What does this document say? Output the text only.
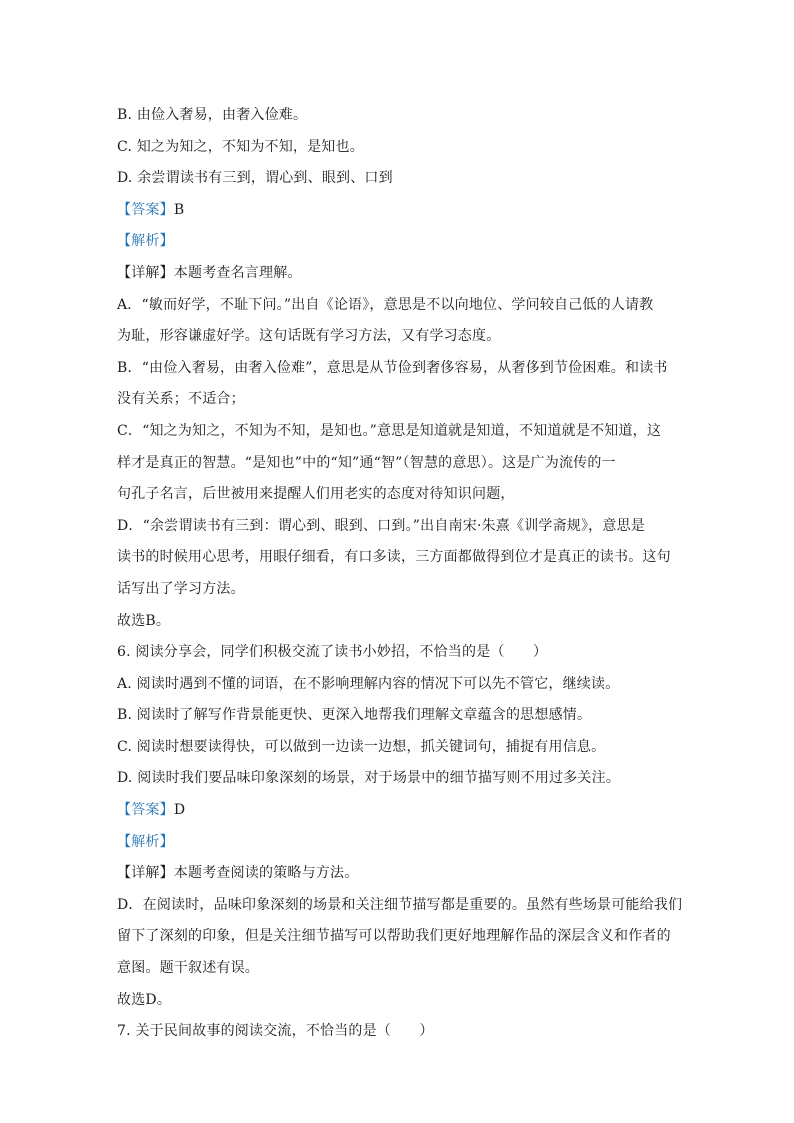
B. 由俭入奢易，由奢入俭难。
C. 知之为知之，不知为不知，是知也。
D. 余尝谓读书有三到，谓心到、眼到、口到
【答案】B
【解析】
【详解】本题考查名言理解。
A．“敏而好学，不耻下问。”出自《论语》，意思是不以向地位、学问较自己低的人请教
为耻，形容谦虚好学。这句话既有学习方法，又有学习态度。
B．“由俭入奢易，由奢入俭难”，意思是从节俭到奢侈容易，从奢侈到节俭困难。和读书
没有关系；不适合；
C．“知之为知之，不知为不知，是知也。”意思是知道就是知道，不知道就是不知道，这
样才是真正的智慧。“是知也”中的“知”通“智”（智慧的意思）。这是广为流传的一
句孔子名言，后世被用来提醒人们用老实的态度对待知识问题，
D．“余尝谓读书有三到：谓心到、眼到、口到。”出自南宋·朱熹《训学斋规》，意思是
读书的时候用心思考，用眼仔细看，有口多读，三方面都做得到位才是真正的读书。这句
话写出了学习方法。
故选B。
6. 阅读分享会，同学们积极交流了读书小妙招，不恰当的是（　　）
A. 阅读时遇到不懂的词语，在不影响理解内容的情况下可以先不管它，继续读。
B. 阅读时了解写作背景能更快、更深入地帮我们理解文章蕴含的思想感情。
C. 阅读时想要读得快，可以做到一边读一边想，抓关键词句，捕捉有用信息。
D. 阅读时我们要品味印象深刻的场景，对于场景中的细节描写则不用过多关注。
【答案】D
【解析】
【详解】本题考查阅读的策略与方法。
D．在阅读时，品味印象深刻的场景和关注细节描写都是重要的。虽然有些场景可能给我们
留下了深刻的印象，但是关注细节描写可以帮助我们更好地理解作品的深层含义和作者的
意图。题干叙述有误。
故选D。
7. 关于民间故事的阅读交流，不恰当的是（　　）
